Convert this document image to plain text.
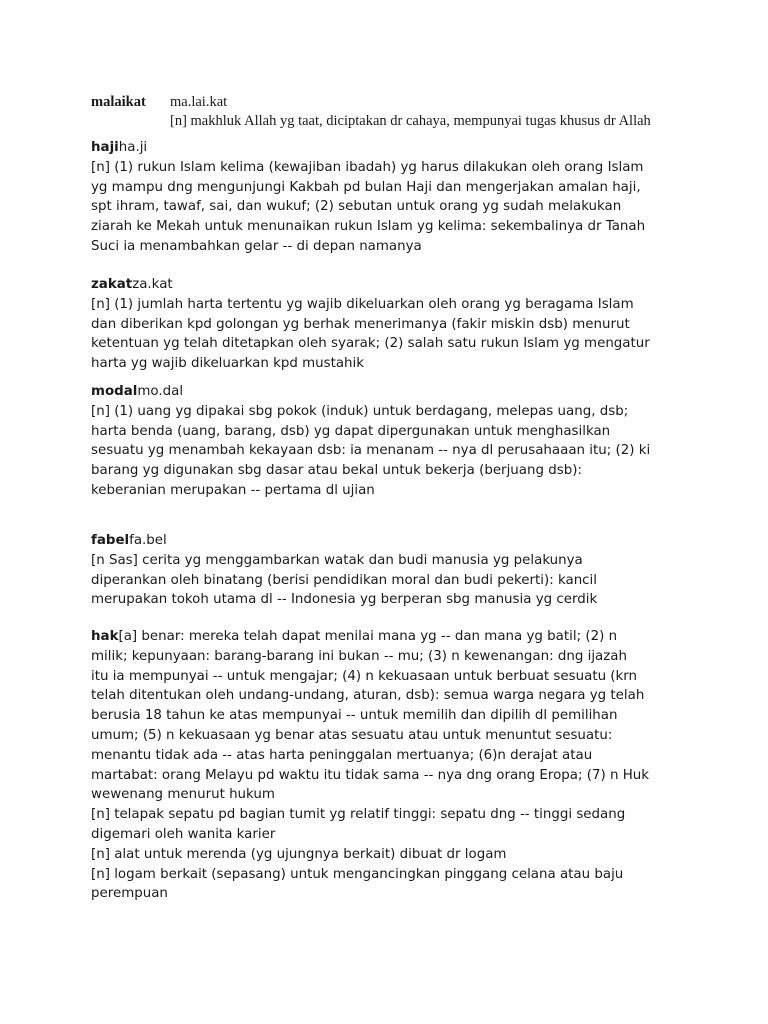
malaikat ma.lai.kat
[n] makhluk Allah yg taat, diciptakan dr cahaya, mempunyai tugas khusus dr Allah
hajiha.ji
[n] (1) rukun Islam kelima (kewajiban ibadah) yg harus dilakukan oleh orang Islam
yg mampu dng mengunjungi Kakbah pd bulan Haji dan mengerjakan amalan haji,
spt ihram, tawaf, sai, dan wukuf; (2) sebutan untuk orang yg sudah melakukan
ziarah ke Mekah untuk menunaikan rukun Islam yg kelima: sekembalinya dr Tanah
Suci ia menambahkan gelar -- di depan namanya
zakatza.kat
[n] (1) jumlah harta tertentu yg wajib dikeluarkan oleh orang yg beragama Islam
dan diberikan kpd golongan yg berhak menerimanya (fakir miskin dsb) menurut
ketentuan yg telah ditetapkan oleh syarak; (2) salah satu rukun Islam yg mengatur
harta yg wajib dikeluarkan kpd mustahik
modalmo.dal
[n] (1) uang yg dipakai sbg pokok (induk) untuk berdagang, melepas uang, dsb;
harta benda (uang, barang, dsb) yg dapat dipergunakan untuk menghasilkan
sesuatu yg menambah kekayaan dsb: ia menanam -- nya dl perusahaaan itu; (2) ki
barang yg digunakan sbg dasar atau bekal untuk bekerja (berjuang dsb):
keberanian merupakan -- pertama dl ujian
fabelfa.bel
[n Sas] cerita yg menggambarkan watak dan budi manusia yg pelakunya
diperankan oleh binatang (berisi pendidikan moral dan budi pekerti): kancil
merupakan tokoh utama dl -- Indonesia yg berperan sbg manusia yg cerdik
hak[a] benar: mereka telah dapat menilai mana yg -- dan mana yg batil; (2) n
milik; kepunyaan: barang-barang ini bukan -- mu; (3) n kewenangan: dng ijazah
itu ia mempunyai -- untuk mengajar; (4) n kekuasaan untuk berbuat sesuatu (krn
telah ditentukan oleh undang-undang, aturan, dsb): semua warga negara yg telah
berusia 18 tahun ke atas mempunyai -- untuk memilih dan dipilih dl pemilihan
umum; (5) n kekuasaan yg benar atas sesuatu atau untuk menuntut sesuatu:
menantu tidak ada -- atas harta peninggalan mertuanya; (6)n derajat atau
martabat: orang Melayu pd waktu itu tidak sama -- nya dng orang Eropa; (7) n Huk
wewenang menurut hukum
[n] telapak sepatu pd bagian tumit yg relatif tinggi: sepatu dng -- tinggi sedang
digemari oleh wanita karier
[n] alat untuk merenda (yg ujungnya berkait) dibuat dr logam
[n] logam berkait (sepasang) untuk mengancingkan pinggang celana atau baju
perempuan
